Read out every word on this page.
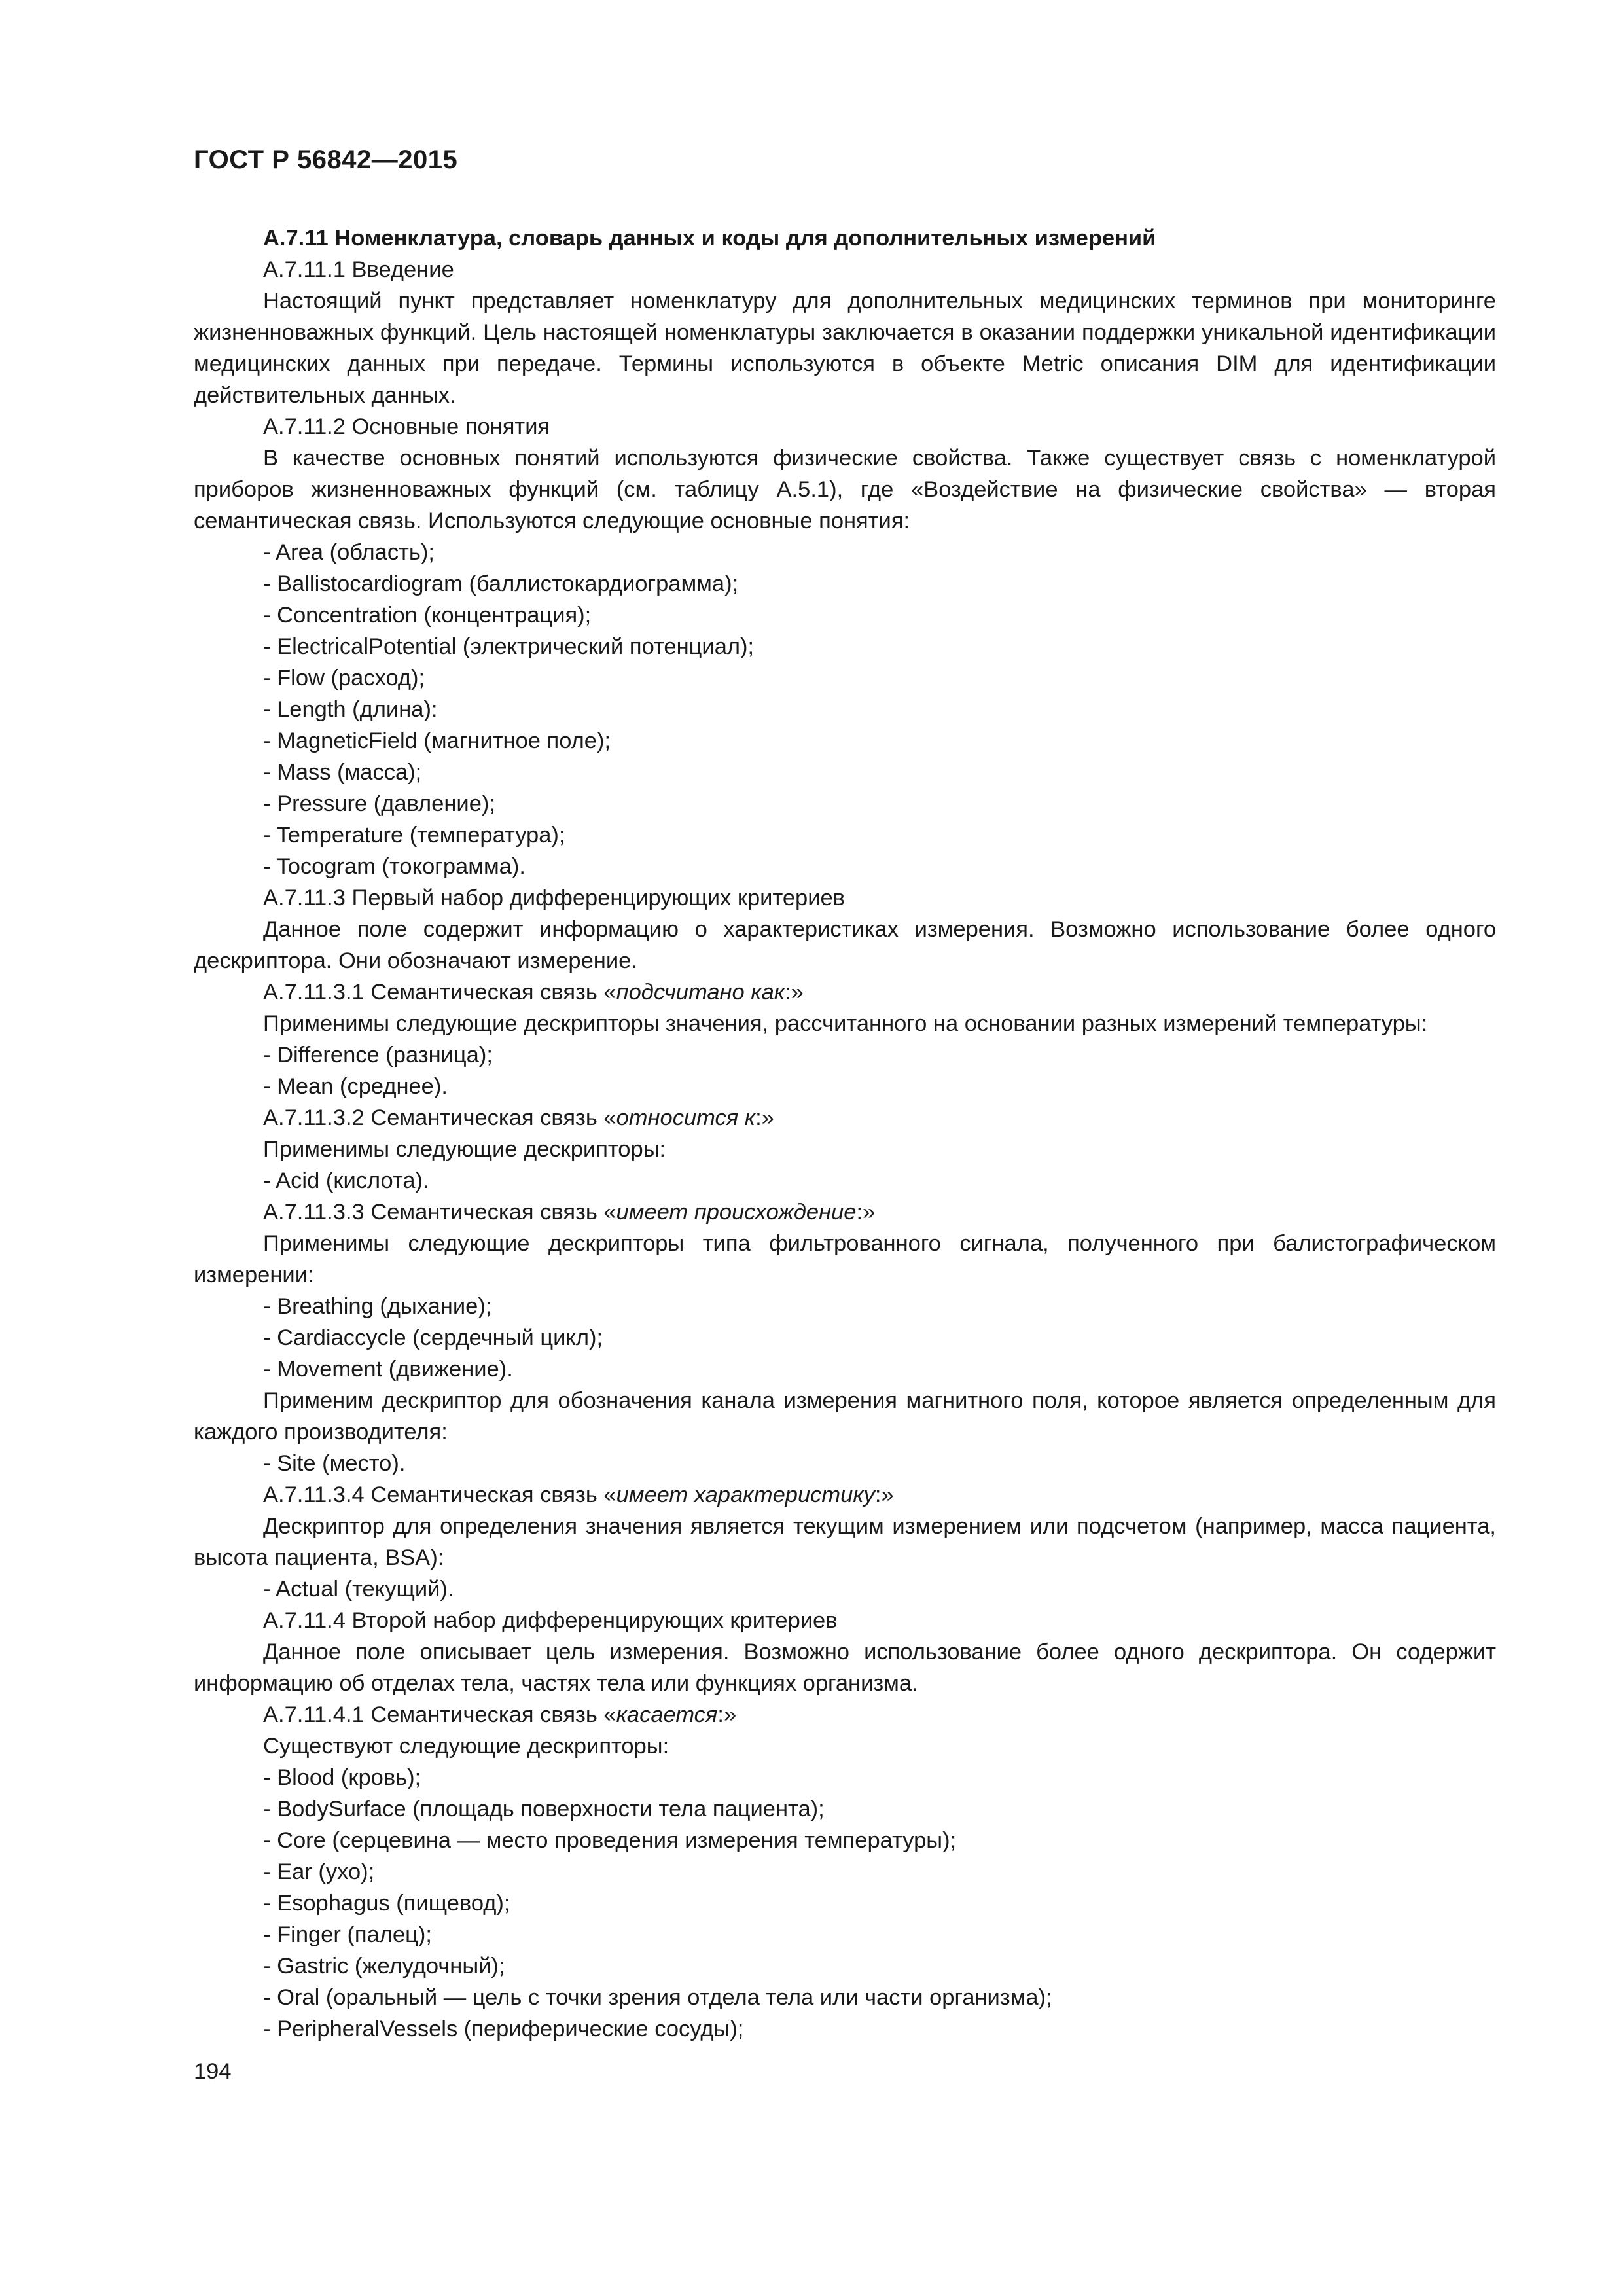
ГОСТ Р 56842—2015

А.7.11 Номенклатура, словарь данных и коды для дополнительных измерений

А.7.11.1 Введение

Настоящий пункт представляет номенклатуру для дополнительных медицинских терминов при мониторинге жизненноважных функций. Цель настоящей номенклатуры заключается в оказании поддержки уникальной идентификации медицинских данных при передаче. Термины используются в объекте Metric описания DIM для идентификации действительных данных.

А.7.11.2 Основные понятия

В качестве основных понятий используются физические свойства. Также существует связь с номенклатурой приборов жизненноважных функций (см. таблицу А.5.1), где «Воздействие на физические свойства» — вторая семантическая связь. Используются следующие основные понятия:

- Area (область);

- Ballistocardiogram (баллистокардиограмма);

- Concentration (концентрация);

- ElectricalPotential (электрический потенциал);

- Flow (расход);

- Length (длина):

- MagneticField (магнитное поле);

- Mass (масса);

- Pressure (давление);

- Temperature (температура);

- Tocogram (токограмма).

А.7.11.3 Первый набор дифференцирующих критериев

Данное поле содержит информацию о характеристиках измерения. Возможно использование более одного дескриптора. Они обозначают измерение.

А.7.11.3.1 Семантическая связь «подсчитано как:»

Применимы следующие дескрипторы значения, рассчитанного на основании разных измерений температуры:

- Difference (разница);

- Mean (среднее).

А.7.11.3.2 Семантическая связь «относится к:»

Применимы следующие дескрипторы:

- Acid (кислота).

А.7.11.3.3 Семантическая связь «имеет происхождение:»

Применимы следующие дескрипторы типа фильтрованного сигнала, полученного при балистографическом измерении:

- Breathing (дыхание);

- Cardiaccycle (сердечный цикл);

- Movement (движение).

Применим дескриптор для обозначения канала измерения магнитного поля, которое является определенным для каждого производителя:

- Site (место).

А.7.11.3.4 Семантическая связь «имеет характеристику:»

Дескриптор для определения значения является текущим измерением или подсчетом (например, масса пациента, высота пациента, BSA):

- Actual (текущий).

А.7.11.4 Второй набор дифференцирующих критериев

Данное поле описывает цель измерения. Возможно использование более одного дескриптора. Он содержит информацию об отделах тела, частях тела или функциях организма.

А.7.11.4.1 Семантическая связь «касается:»

Существуют следующие дескрипторы:

- Blood (кровь);

- BodySurface (площадь поверхности тела пациента);

- Core (серцевина — место проведения измерения температуры);

- Ear (ухо);

- Esophagus (пищевод);

- Finger (палец);

- Gastric (желудочный);

- Oral (оральный — цель с точки зрения отдела тела или части организма);

- PeripheralVessels (периферические сосуды);

194
